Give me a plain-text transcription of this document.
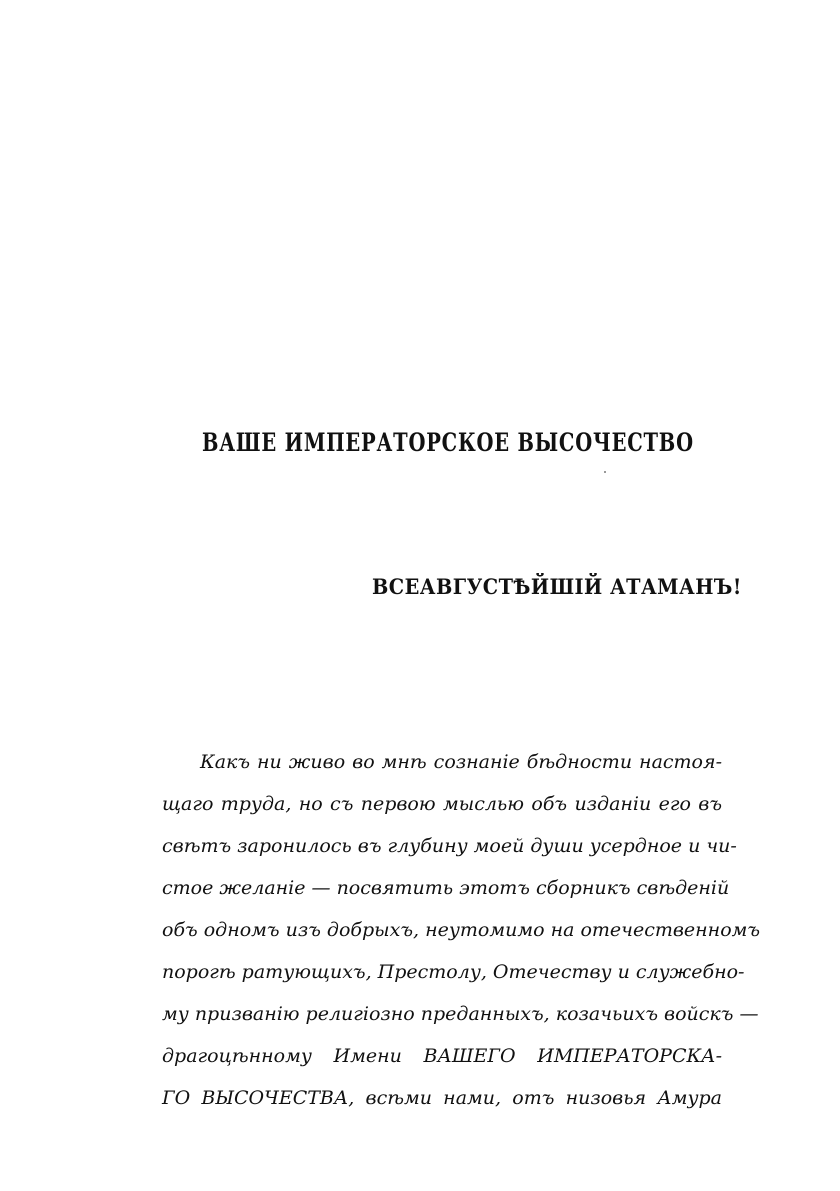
ВАШЕ ИМПЕРАТОРСКОЕ ВЫСОЧЕСТВО
ВСЕАВГУСТѢЙШІЙ АТАМАНЪ!
Какъ ни живо во мнѣ сознаніе бѣдности настоя-
щаго труда, но съ первою мыслью объ изданіи его въ
свѣтъ заронилось въ глубину моей души усердное и чи-
стое желаніе — посвятить этотъ сборникъ свѣденій
объ одномъ изъ добрыхъ, неутомимо на отечественномъ
порогѣ ратующихъ, Престолу, Отечеству и служебно-
му призванію религіозно преданныхъ, козачьихъ войскъ —
драгоцѣнному Имени ВАШЕГО ИМПЕРАТОРСКА-
ГО ВЫСОЧЕСТВА, всѣми нами, отъ низовья Амура
